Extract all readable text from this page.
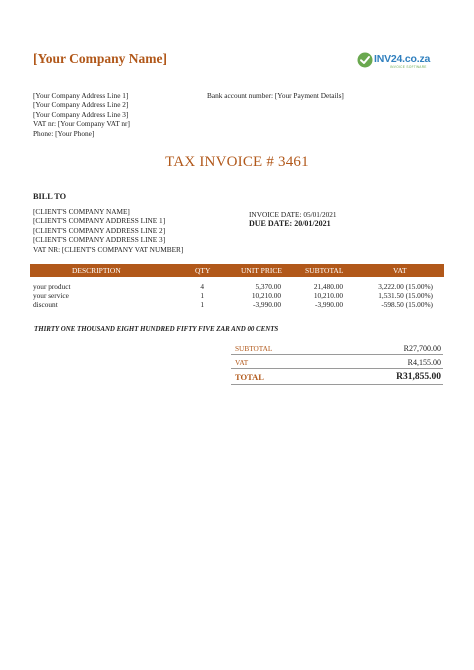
[Your Company Name]	INV24.co.za
INVOICE SOFTWARE
[Your Company Address Line 1]
[Your Company Address Line 2]
[Your Company Address Line 3]
VAT nr: [Your Company VAT nr]
Phone: [Your Phone]
Bank account number: [Your Payment Details]
TAX INVOICE # 3461
BILL TO
[CLIENT'S COMPANY NAME]
[CLIENT'S COMPANY ADDRESS LINE 1]
[CLIENT'S COMPANY ADDRESS LINE 2]
[CLIENT'S COMPANY ADDRESS LINE 3]
VAT NR: [CLIENT'S COMPANY VAT NUMBER]
INVOICE DATE: 05/01/2021
DUE DATE: 20/01/2021
DESCRIPTION	QTY	UNIT PRICE	SUBTOTAL	VAT
your product	4	5,370.00	21,480.00	3,222.00 (15.00%)
your service	1	10,210.00	10,210.00	1,531.50 (15.00%)
discount	1	-3,990.00	-3,990.00	-598.50 (15.00%)
THIRTY ONE THOUSAND EIGHT HUNDRED FIFTY FIVE ZAR AND 00 CENTS
SUBTOTAL	R27,700.00
VAT	R4,155.00
TOTAL	R31,855.00
